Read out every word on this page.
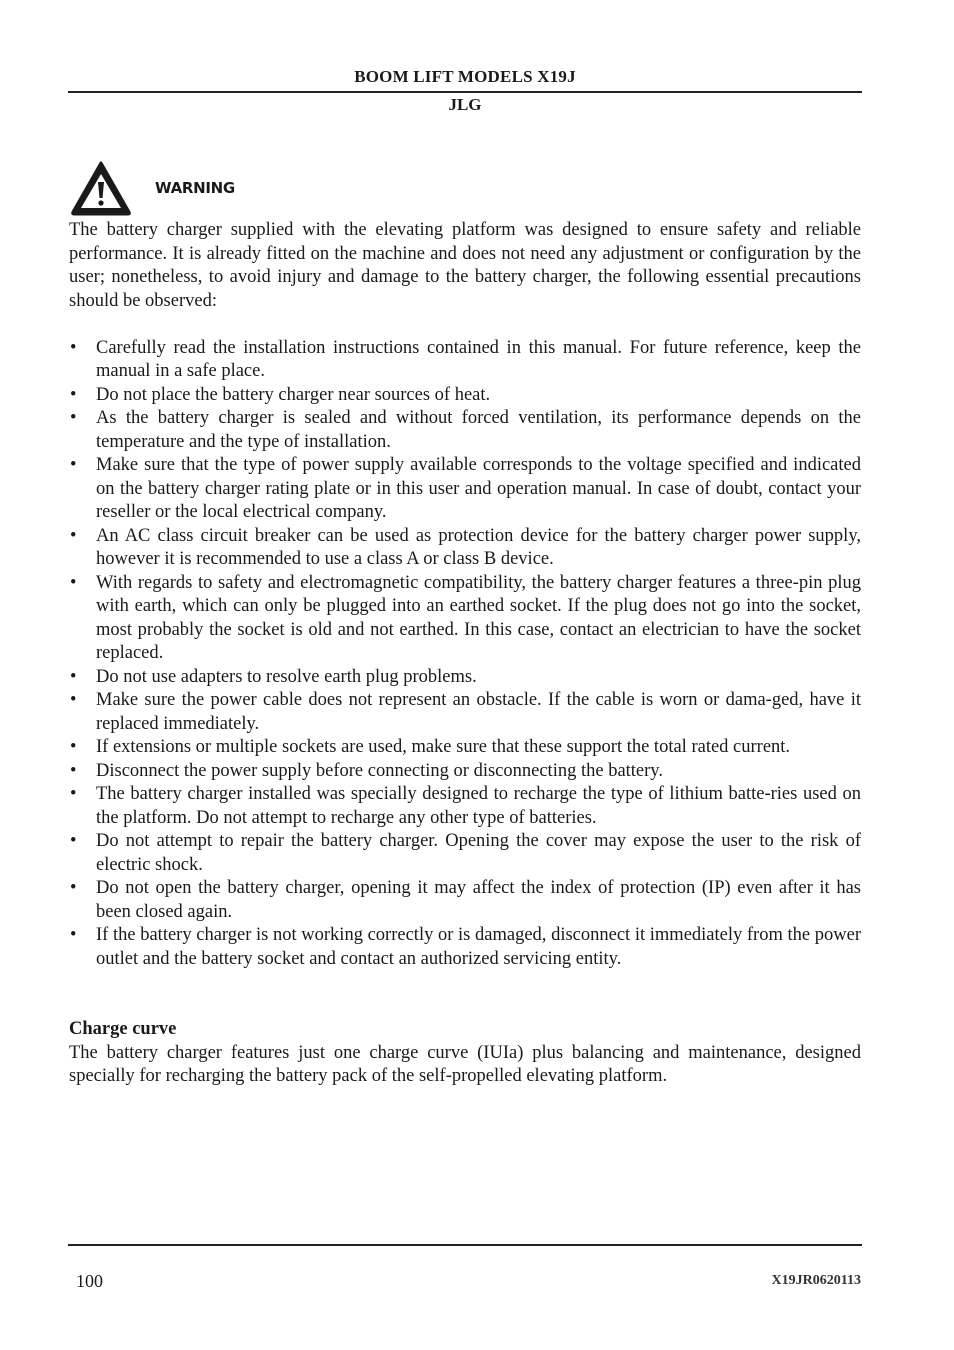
BOOM LIFT MODELS X19J
JLG
WARNING

The battery charger supplied with the elevating platform was designed to ensure safety and reliable performance. It is already fitted on the machine and does not need any adjustment or configuration by the user; nonetheless, to avoid injury and damage to the battery charger, the following essential precautions should be observed:

• Carefully read the installation instructions contained in this manual. For future reference, keep the manual in a safe place.
• Do not place the battery charger near sources of heat.
• As the battery charger is sealed and without forced ventilation, its performance depends on the temperature and the type of installation.
• Make sure that the type of power supply available corresponds to the voltage specified and indicated on the battery charger rating plate or in this user and operation manual. In case of doubt, contact your reseller or the local electrical company.
• An AC class circuit breaker can be used as protection device for the battery charger power supply, however it is recommended to use a class A or class B device.
• With regards to safety and electromagnetic compatibility, the battery charger features a three-pin plug with earth, which can only be plugged into an earthed socket. If the plug does not go into the socket, most probably the socket is old and not earthed. In this case, contact an electrician to have the socket replaced.
• Do not use adapters to resolve earth plug problems.
• Make sure the power cable does not represent an obstacle. If the cable is worn or dama-ged, have it replaced immediately.
• If extensions or multiple sockets are used, make sure that these support the total rated current.
• Disconnect the power supply before connecting or disconnecting the battery.
• The battery charger installed was specially designed to recharge the type of lithium batte-ries used on the platform. Do not attempt to recharge any other type of batteries.
• Do not attempt to repair the battery charger. Opening the cover may expose the user to the risk of electric shock.
• Do not open the battery charger, opening it may affect the index of protection (IP) even after it has been closed again.
• If the battery charger is not working correctly or is damaged, disconnect it immediately from the power outlet and the battery socket and contact an authorized servicing entity.
Charge curve

The battery charger features just one charge curve (IUIa) plus balancing and maintenance, designed specially for recharging the battery pack of the self-propelled elevating platform.

100	X19JR0620113
